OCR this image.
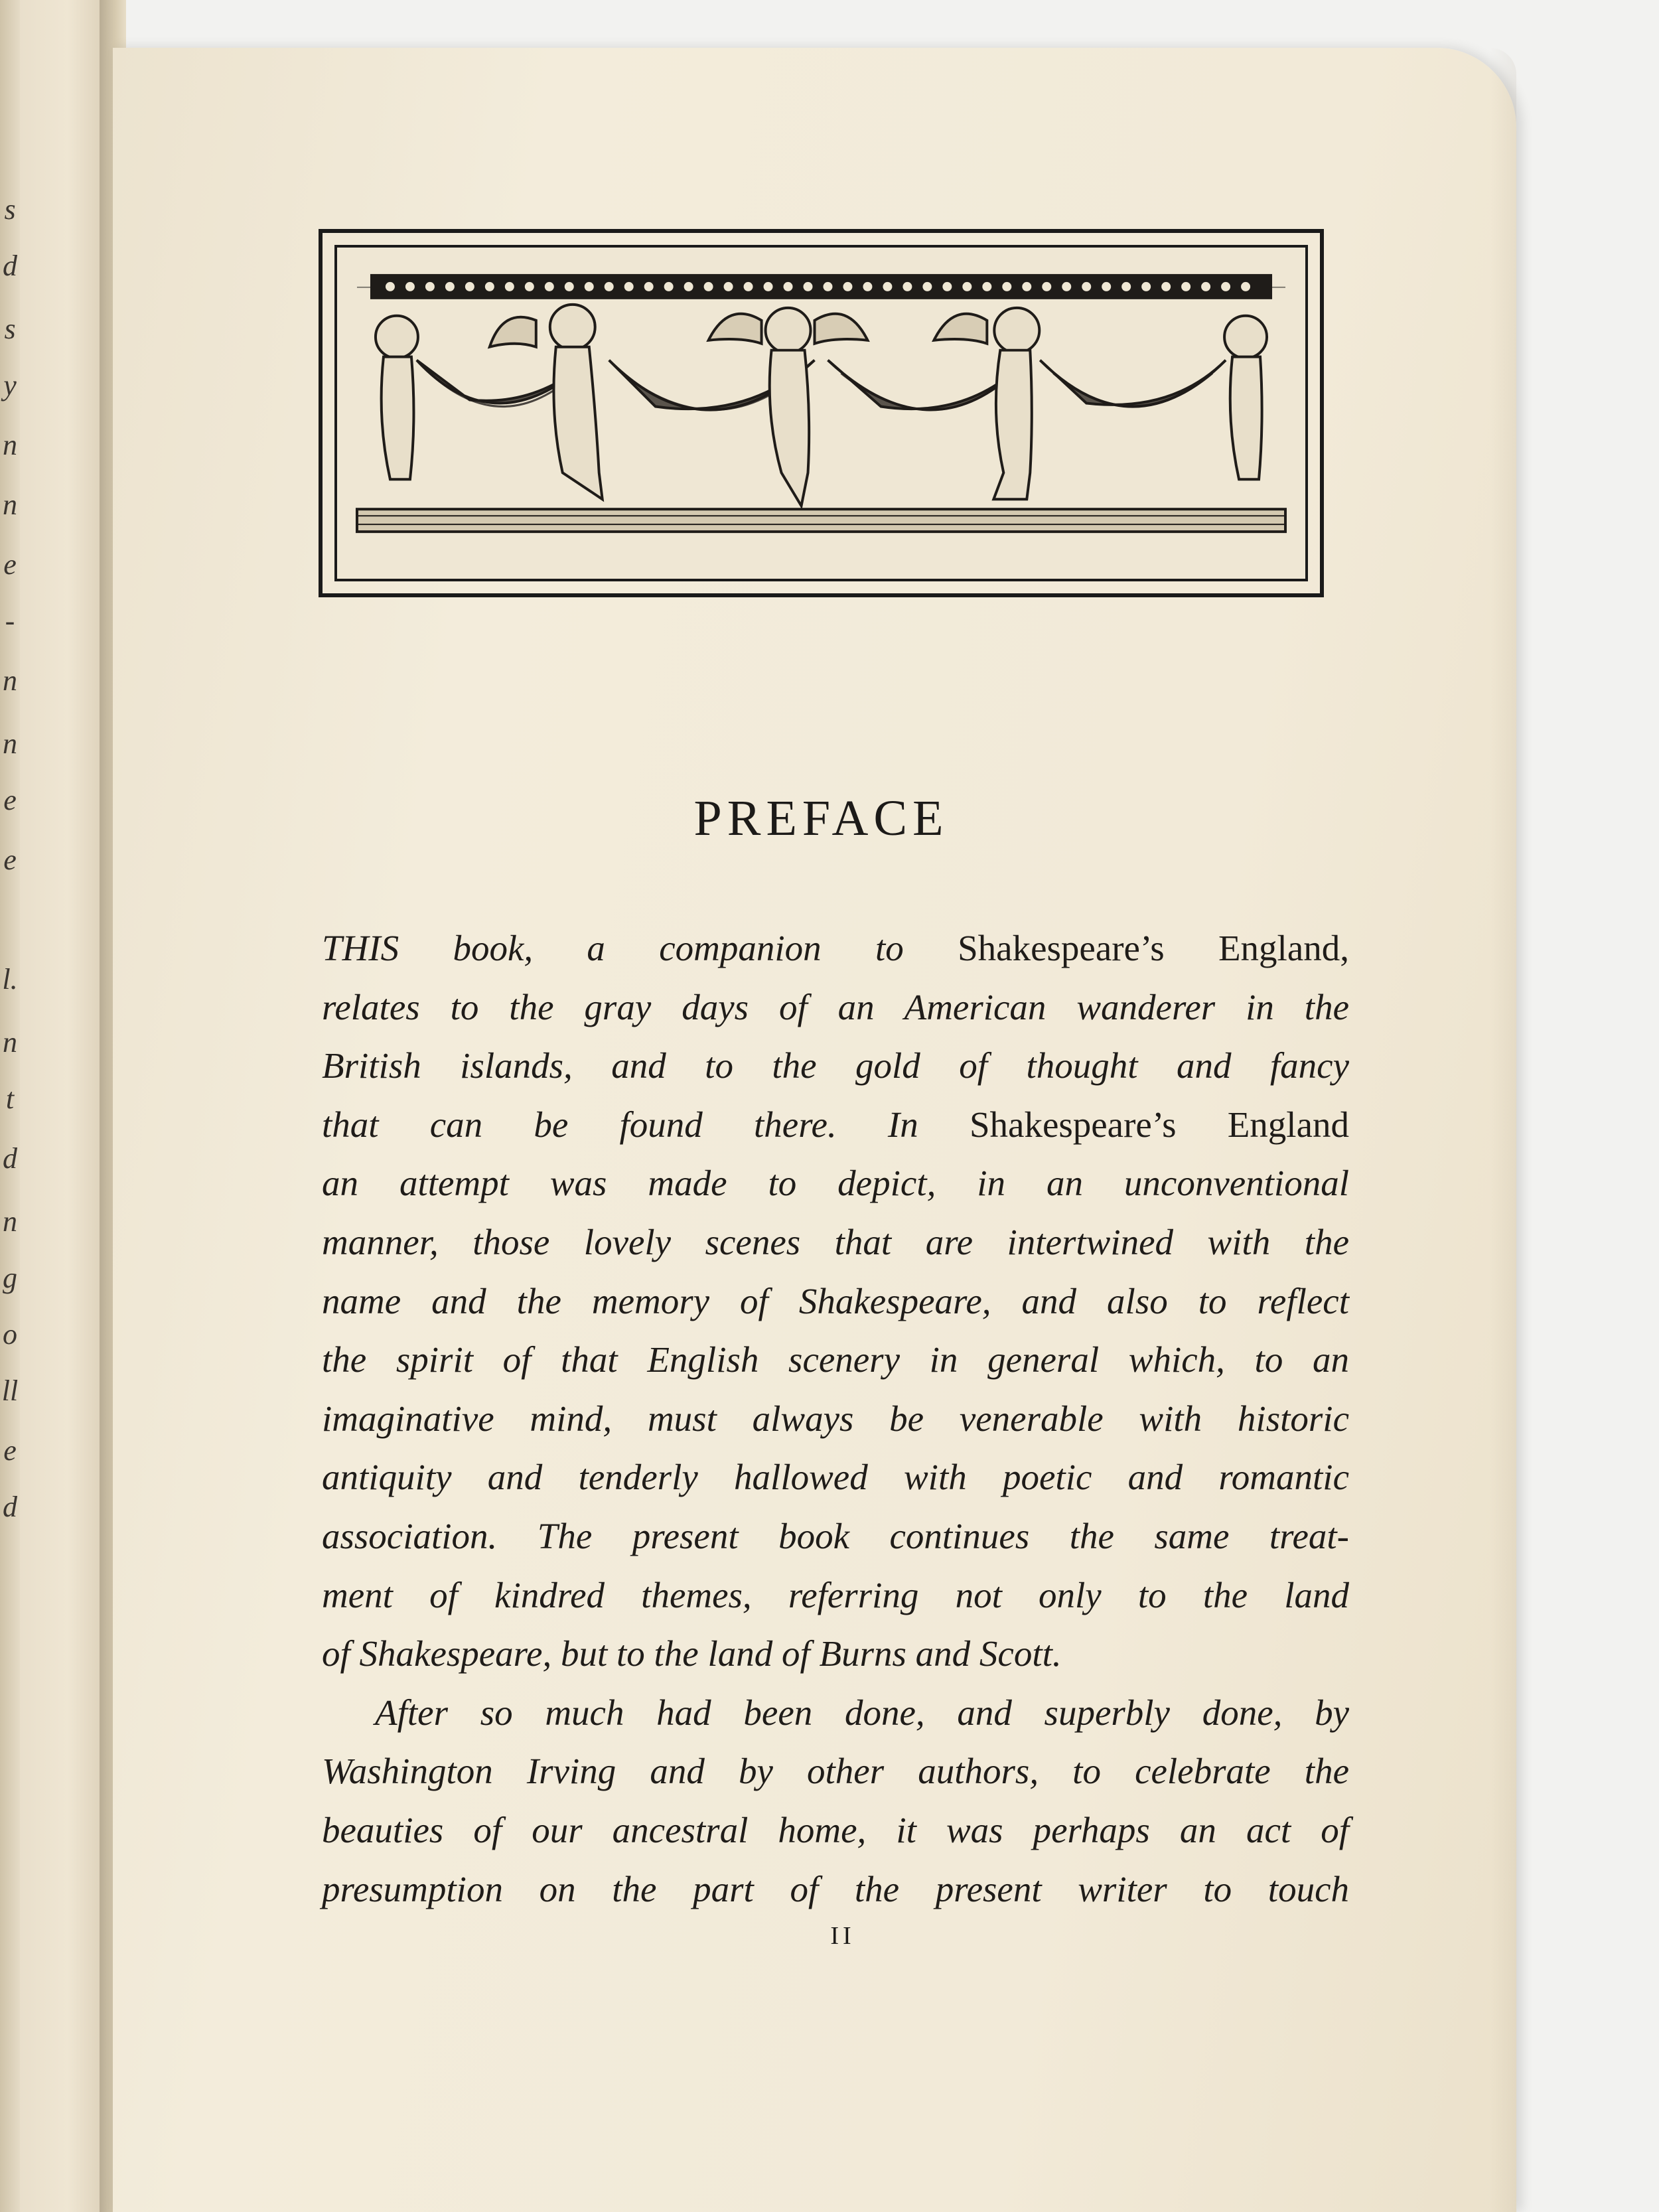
s
d
s
y
n
n
e
-
n
n
e
e
l.
n
t
d
n
g
o
ll
e
d
PREFACE
THIS book, a companion to Shakespeare’s England,
relates to the gray days of an American wanderer in the
British islands, and to the gold of thought and fancy
that can be found there. In Shakespeare’s England
an attempt was made to depict, in an unconventional
manner, those lovely scenes that are intertwined with the
name and the memory of Shakespeare, and also to reflect
the spirit of that English scenery in general which, to an
imaginative mind, must always be venerable with historic
antiquity and tenderly hallowed with poetic and romantic
association. The present book continues the same treat-
ment of kindred themes, referring not only to the land
of Shakespeare, but to the land of Burns and Scott.
After so much had been done, and superbly done, by
Washington Irving and by other authors, to celebrate the
beauties of our ancestral home, it was perhaps an act of
presumption on the part of the present writer to touch
II
